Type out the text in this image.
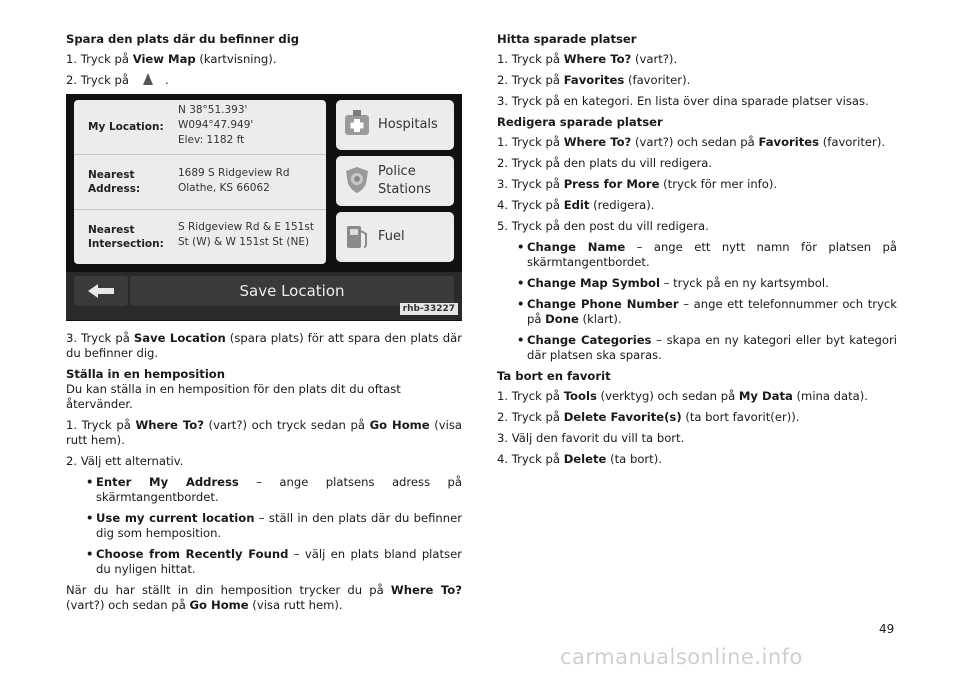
Spara den plats där du befinner dig
1. Tryck på View Map (kartvisning).
2. Tryck på	.
My Location:
N 38°51.393'
W094°47.949'
Elev: 1182 ft
Nearest
Address:
1689 S Ridgeview Rd
Olathe, KS 66062
Nearest
Intersection:
S Ridgeview Rd & E 151st
St (W) & W 151st St (NE)
Hospitals
Police
Stations
Fuel
Save Location
rhb-33227

3. Tryck på Save Location (spara plats) för att spara den plats där du befinner dig.

Ställa in en hemposition

Du kan ställa in en hemposition för den plats dit du oftast återvänder.

1. Tryck på Where To? (vart?) och tryck sedan på Go Home (visa rutt hem).

2. Välj ett alternativ.
• Enter My Address – ange platsens adress på skärmtangentbordet.
• Use my current location – ställ in den plats där du befinner dig som hemposition.
• Choose from Recently Found – välj en plats bland platser du nyligen hittat.

När du har ställt in din hemposition trycker du på Where To? (vart?) och sedan på Go Home (visa rutt hem).

Hitta sparade platser
1. Tryck på Where To? (vart?).
2. Tryck på Favorites (favoriter).
3. Tryck på en kategori. En lista över dina sparade platser visas.
Redigera sparade platser
1. Tryck på Where To? (vart?) och sedan på Favorites (favoriter).
2. Tryck på den plats du vill redigera.
3. Tryck på Press for More (tryck för mer info).
4. Tryck på Edit (redigera).
5. Tryck på den post du vill redigera.
• Change Name – ange ett nytt namn för platsen på skärmtangentbordet.
• Change Map Symbol – tryck på en ny kartsymbol.
• Change Phone Number – ange ett telefonnummer och tryck på Done (klart).
• Change Categories – skapa en ny kategori eller byt kategori där platsen ska sparas.
Ta bort en favorit
1. Tryck på Tools (verktyg) och sedan på My Data (mina data).
2. Tryck på Delete Favorite(s) (ta bort favorit(er)).
3. Välj den favorit du vill ta bort.
4. Tryck på Delete (ta bort).
49
carmanualsonline.info
